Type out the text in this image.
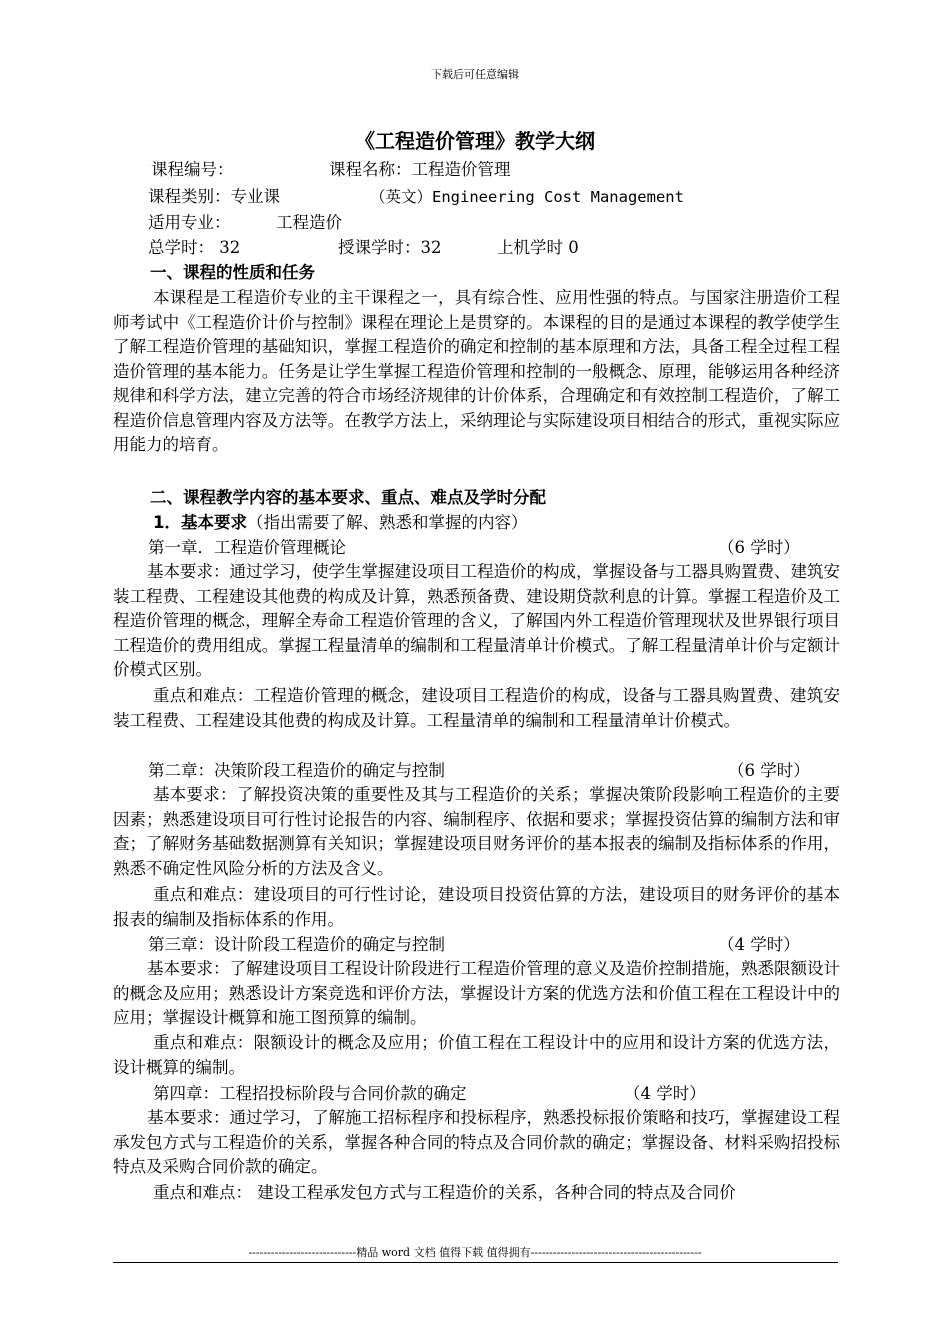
下载后可任意编辑
《工程造价管理》教学大纲
课程编号：	课程名称：工程造价管理
课程类别：专业课	（英文）Engineering Cost Management
适用专业：	工程造价
总学时： 32	授课学时：32	上机学时 0
一、课程的性质和任务
本课程是工程造价专业的主干课程之一，具有综合性、应用性强的特点。与国家注册造价工程师考试中《工程造价计价与控制》课程在理论上是贯穿的。本课程的目的是通过本课程的教学使学生了解工程造价管理的基础知识，掌握工程造价的确定和控制的基本原理和方法，具备工程全过程工程造价管理的基本能力。任务是让学生掌握工程造价管理和控制的一般概念、原理，能够运用各种经济规律和科学方法，建立完善的符合市场经济规律的计价体系，合理确定和有效控制工程造价，了解工程造价信息管理内容及方法等。在教学方法上，采纳理论与实际建设项目相结合的形式，重视实际应用能力的培育。
二、课程教学内容的基本要求、重点、难点及学时分配
1．基本要求（指出需要了解、熟悉和掌握的内容）
第一章．工程造价管理概论	（6 学时）
基本要求：通过学习，使学生掌握建设项目工程造价的构成，掌握设备与工器具购置费、建筑安装工程费、工程建设其他费的构成及计算，熟悉预备费、建设期贷款利息的计算。掌握工程造价及工程造价管理的概念，理解全寿命工程造价管理的含义，了解国内外工程造价管理现状及世界银行项目工程造价的费用组成。掌握工程量清单的编制和工程量清单计价模式。了解工程量清单计价与定额计价模式区别。
重点和难点：工程造价管理的概念，建设项目工程造价的构成，设备与工器具购置费、建筑安装工程费、工程建设其他费的构成及计算。工程量清单的编制和工程量清单计价模式。
第二章：决策阶段工程造价的确定与控制	（6 学时）
基本要求：了解投资决策的重要性及其与工程造价的关系；掌握决策阶段影响工程造价的主要因素；熟悉建设项目可行性讨论报告的内容、编制程序、依据和要求；掌握投资估算的编制方法和审查；了解财务基础数据测算有关知识；掌握建设项目财务评价的基本报表的编制及指标体系的作用，熟悉不确定性风险分析的方法及含义。
重点和难点：建设项目的可行性讨论，建设项目投资估算的方法，建设项目的财务评价的基本报表的编制及指标体系的作用。
第三章：设计阶段工程造价的确定与控制	（4 学时）
基本要求：了解建设项目工程设计阶段进行工程造价管理的意义及造价控制措施，熟悉限额设计的概念及应用；熟悉设计方案竞选和评价方法，掌握设计方案的优选方法和价值工程在工程设计中的应用；掌握设计概算和施工图预算的编制。
重点和难点：限额设计的概念及应用；价值工程在工程设计中的应用和设计方案的优选方法，设计概算的编制。
第四章：工程招投标阶段与合同价款的确定	（4 学时）
基本要求：通过学习，了解施工招标程序和投标程序，熟悉投标报价策略和技巧，掌握建设工程承发包方式与工程造价的关系，掌握各种合同的特点及合同价款的确定；掌握设备、材料采购招投标特点及采购合同价款的确定。
重点和难点： 建设工程承发包方式与工程造价的关系，各种合同的特点及合同价
-----------------------------精品 word 文档 值得下载 值得拥有----------------------------------------------
